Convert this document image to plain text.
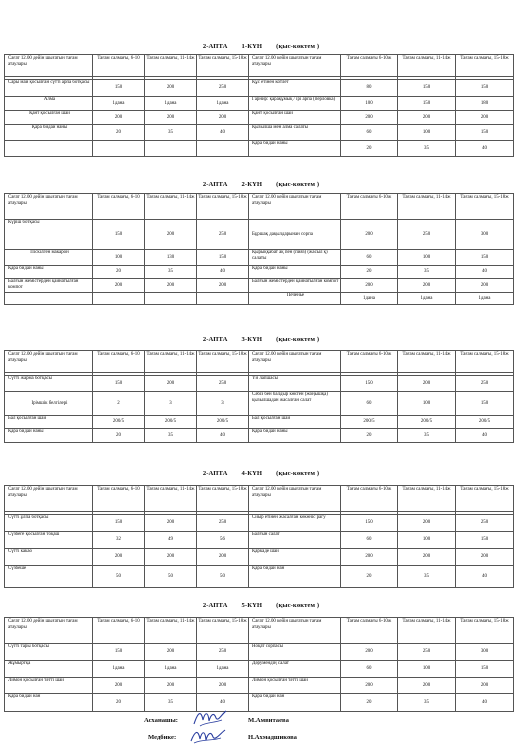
2-АПТА 1-КҮН (қыс-көктем )
Сағат 12.00 дейін шығатын тағам атаулары	Тағам салмағы, 6-10	Тағам салмағы, 11-14ж	Тағам салмағы, 15-18ж	Сағат 12.00 кейін шығатын тағам атаулары	Тағам салмағы 6-10ж	Тағам салмағы, 11-14ж	Тағам салмағы, 15-18ж

Сары май қосылған сүтті арпа ботқасы	150	200	250	Құс етінен котлет	80	150	150
Алма	1дана	1дана	1дана	Гарнир: қарақұмық / ірі арпа (перловка)	100	150	180
Қант қосылған шай	200	200	200	Қант қосылған шай	200	200	200
Қара бидай наны	20	35	40	Қызылша мен алма салаты	60	100	150
				Қара бидай наны	20	35	40
2-АПТА 2-КҮН (қыс-көктем )
Сағат 12.00 дейін шығатын тағам атаулары	Тағам салмағы, 6-10	Тағам салмағы, 11-14ж	Тағам салмағы, 15-18ж	Сағат 12.00 кейін шығатын тағам атаулары	Тағам салмағы 6-10ж	Тағам салмағы, 11-14ж	Тағам салмағы, 15-18ж
Күріш ботқасы	150	200	250	Бұршақ дақылдарынан сорпа	200	250	300
Піскілген макарон	100	130	150	Қырыққабат ақ пен (пияз) (жасыл қ) салаты	60	100	150
Қара бидай наны	20	35	40	Қара бидай наны	20	35	40
Балғын жемістерден қайнатылған компот	200	200	200	Балғын жемістерден қайнатылған компот	200	200	200
				Печенье	1дана	1дана	1дана
2-АПТА 3-КҮН (қыс-көктем )
Сағат 12.00 дейін шығатын тағам атаулары	Тағам салмағы, 6-10	Тағам салмағы, 11-14ж	Тағам салмағы, 15-18ж	Сағат 12.00 кейін шығатын тағам атаулары	Тағам салмағы 6-10ж	Тағам салмағы, 11-14ж	Тағам салмағы, 15-18ж

Сүтті жарма ботқасы	150	200	250	Үй лапшасы	150	200	250
Ірімшік белгілері	2	3	3	Сәбіз бен балдыр көктен (жоңышқа) қызылшадан жасалған салат	60	100	150
Бал қосылған шай	200/5	200/5	200/5	Бал қосылған шай	200/5	200/5	200/5
Қара бидай наны	20	35	40	Қара бидай наны	20	35	40
2-АПТА 4-КҮН (қыс-көктем )
Сағат 12.00 дейін шығатын тағам атаулары	Тағам салмағы, 6-10	Тағам салмағы, 11-14ж	Тағам салмағы, 15-18ж	Сағат 12.00 кейін шығатын тағам атаулары	Тағам салмағы 6-10ж	Тағам салмағы, 11-14ж	Тағам салмағы, 15-18ж

Сүтті ұлпа ботқасы	150	200	250	Сиыр етінен жасалған көкөніс рагу	150	200	250
Сүзбеге қосылған тоқаш	32	49	56	Балғын салат	60	100	150
Сүтті какао	200	200	200	Қаркаде шай	200	200	200
Сүзбеше	50	50	50	Қара бидай нан	20	35	40
2-АПТА 5-КҮН (қыс-көктем )
Сағат 12.00 дейін шығатын тағам атаулары	Тағам салмағы, 6-10	Тағам салмағы, 11-14ж	Тағам салмағы, 15-18ж	Сағат 12.00 кейін шығатын тағам атаулары	Тағам салмағы 6-10ж	Тағам салмағы, 11-14ж	Тағам салмағы, 15-18ж
Сүтті тары ботқасы	150	200	250	Ноқат сорпасы	200	250	300
Жұмыртқа	1дана	1дана	1дана	Дәрумендің салат	60	100	150
Лимон қосылған тәтті шай	200	200	200	Лимон қосылған тәтті шай	200	200	200
Қара бидай нан	20	35	40	Қара бидай нан	20	35	40
Асханашы:	М.Амвитаева
Медбике:	Н.Ахмадшикова
